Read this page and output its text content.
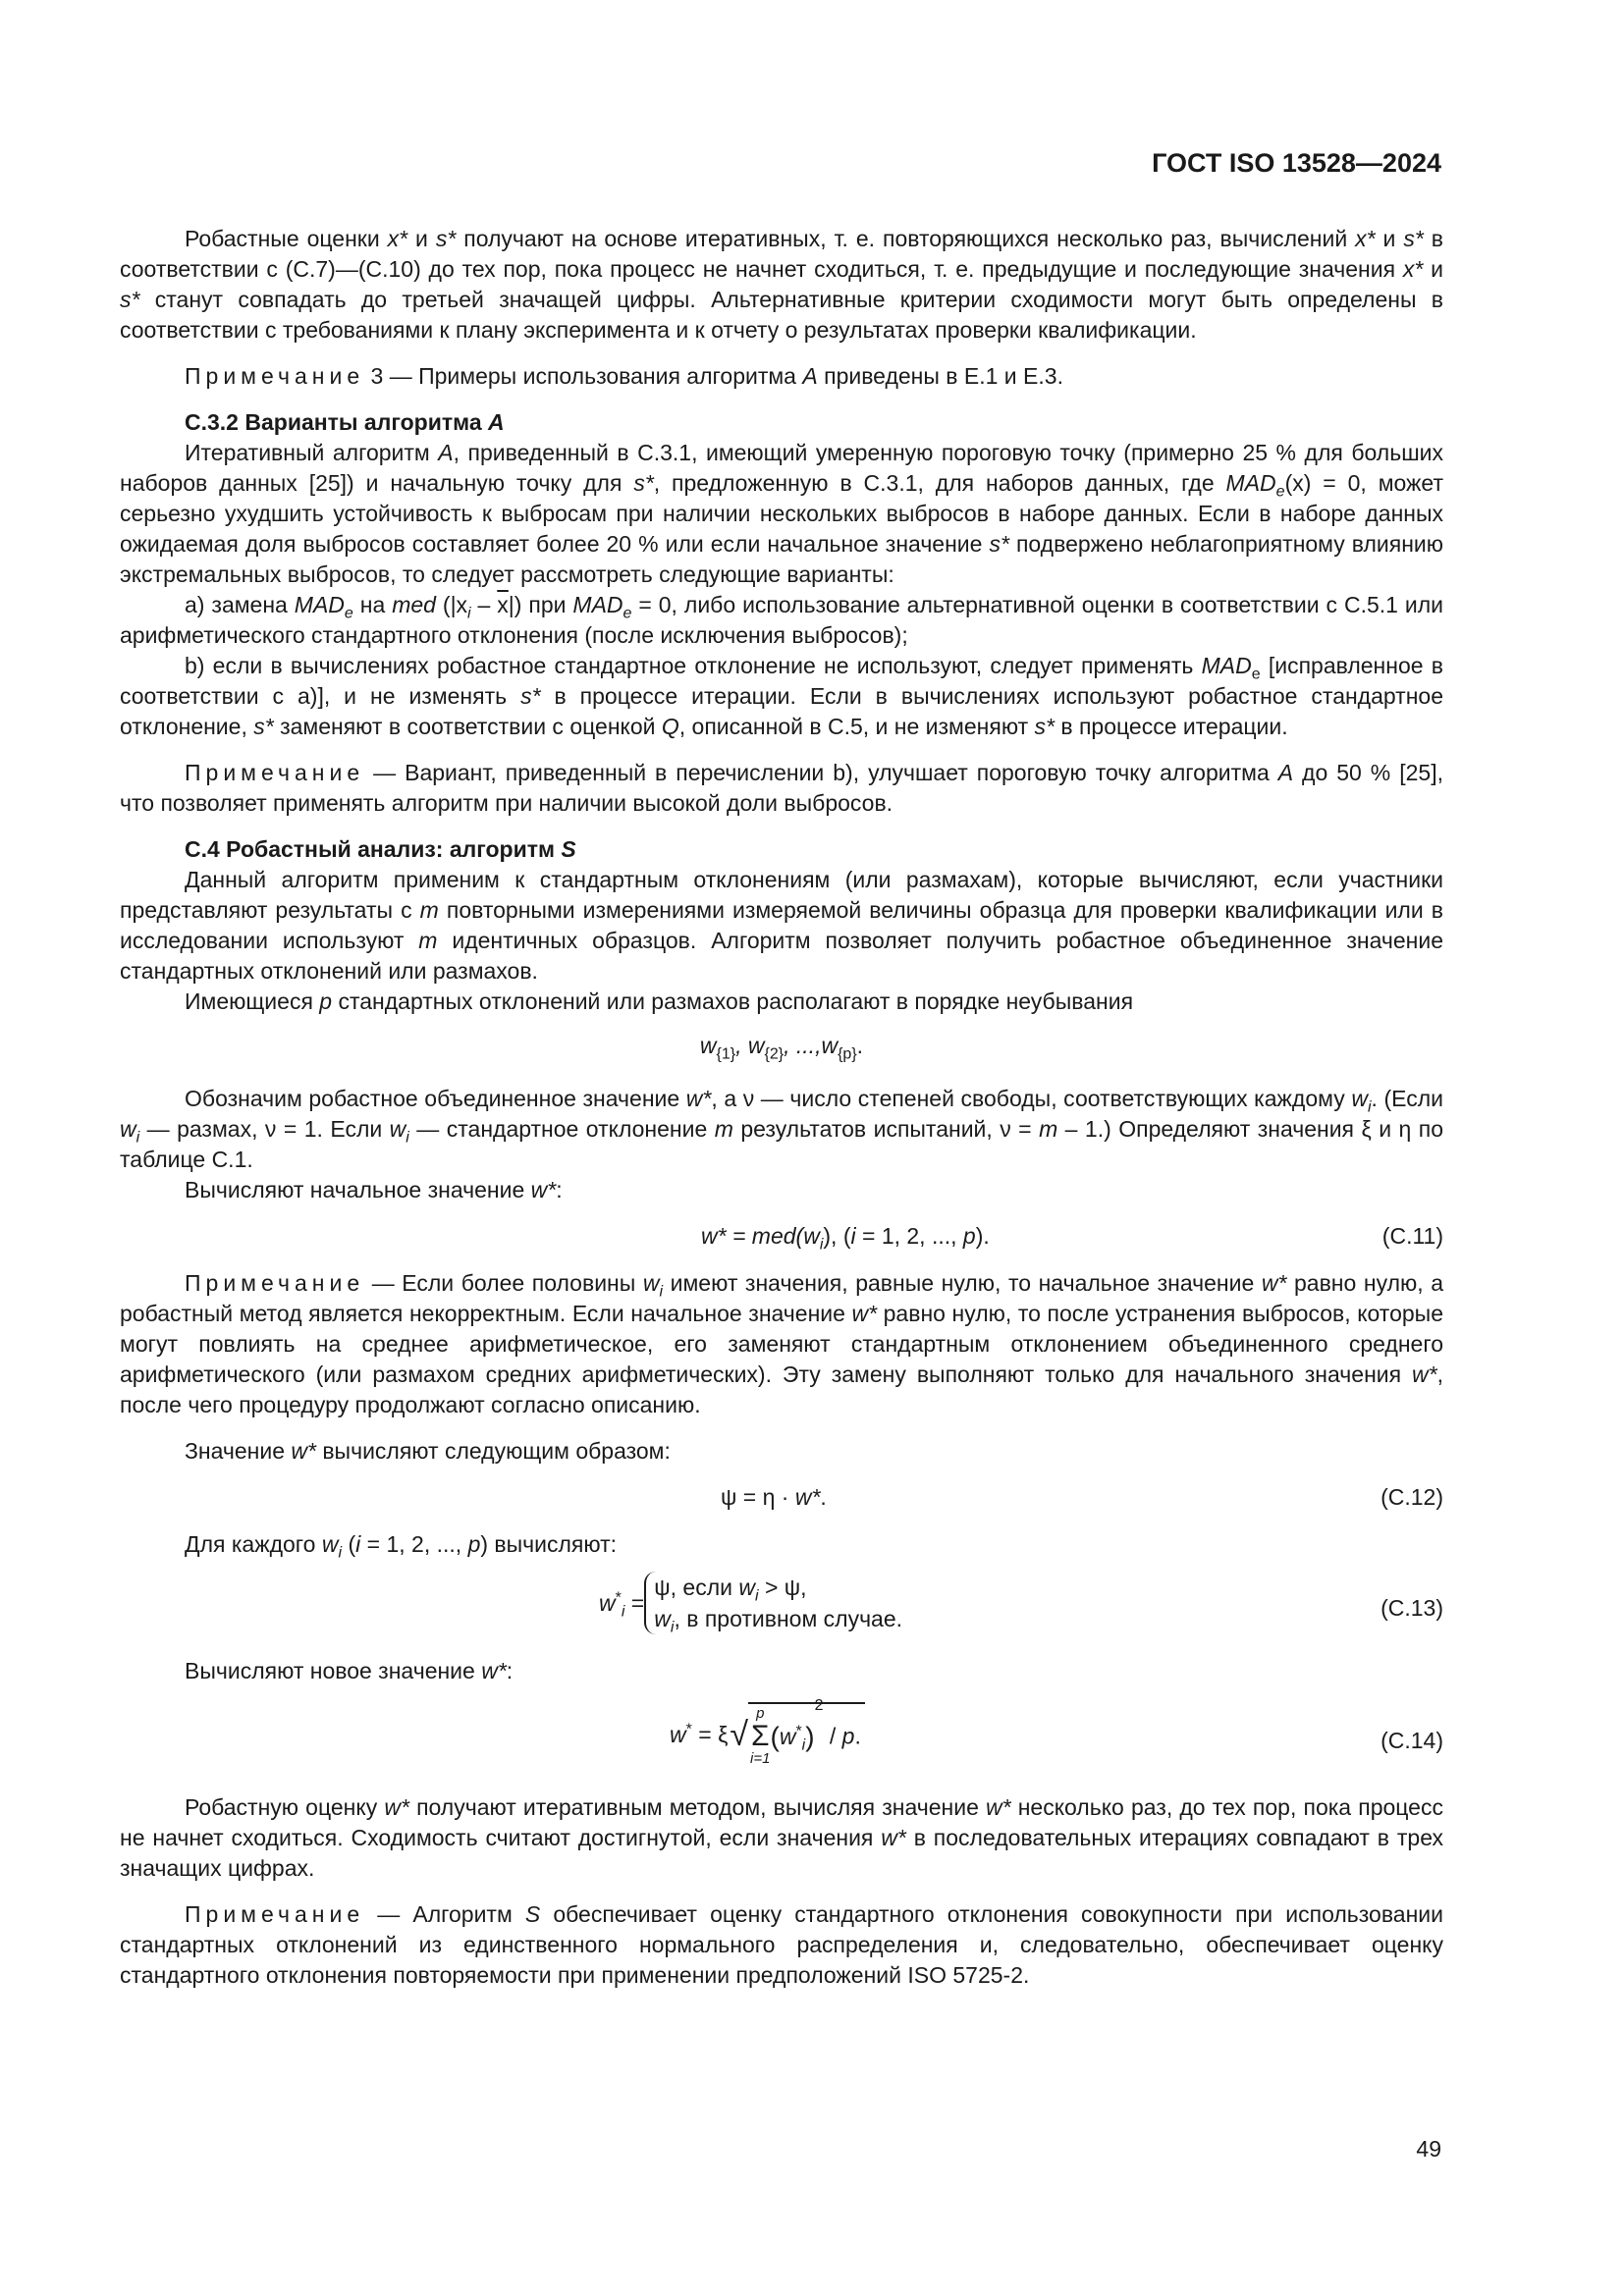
ГОСТ ISO 13528—2024

Робастные оценки x* и s* получают на основе итеративных, т. е. повторяющихся несколько раз, вычислений x* и s* в соответствии с (С.7)—(С.10) до тех пор, пока процесс не начнет сходиться, т. е. предыдущие и последующие значения x* и s* станут совпадать до третьей значащей цифры. Альтернативные критерии сходимости могут быть определены в соответствии с требованиями к плану эксперимента и к отчету о результатах проверки квалификации.

Примечание 3 — Примеры использования алгоритма A приведены в Е.1 и Е.3.

С.3.2 Варианты алгоритма A

Итеративный алгоритм A, приведенный в С.3.1, имеющий умеренную пороговую точку (примерно 25 % для больших наборов данных [25]) и начальную точку для s*, предложенную в С.3.1, для наборов данных, где $MAD_e(x) = 0$, может серьезно ухудшить устойчивость к выбросам при наличии нескольких выбросов в наборе данных. Если в наборе данных ожидаемая доля выбросов составляет более 20 % или если начальное значение s* подвержено неблагоприятному влиянию экстремальных выбросов, то следует рассмотреть следующие варианты:

а) замена $MAD_e$ на med $(|x_i - \overline{x}|)$ при $MAD_e = 0$, либо использование альтернативной оценки в соответствии с С.5.1 или арифметического стандартного отклонения (после исключения выбросов);

b) если в вычислениях робастное стандартное отклонение не используют, следует применять $MAD_e$ [исправленное в соответствии с а)], и не изменять s* в процессе итерации. Если в вычислениях используют робастное стандартное отклонение, s* заменяют в соответствии с оценкой Q, описанной в С.5, и не изменяют s* в процессе итерации.

Примечание — Вариант, приведенный в перечислении b), улучшает пороговую точку алгоритма A до 50 % [25], что позволяет применять алгоритм при наличии высокой доли выбросов.

С.4 Робастный анализ: алгоритм S

Данный алгоритм применим к стандартным отклонениям (или размахам), которые вычисляют, если участники представляют результаты с m повторными измерениями измеряемой величины образца для проверки квалификации или в исследовании используют m идентичных образцов. Алгоритм позволяет получить робастное объединенное значение стандартных отклонений или размахов.

Имеющиеся p стандартных отклонений или размахов располагают в порядке неубывания

$w_{\{1\}}$, $w_{\{2\}}$, $...,w_{\{p\}}$.

Обозначим робастное объединенное значение w*, а ν — число степеней свободы, соответствующих каждому $w_i$. (Если $w_i$ — размах, ν = 1. Если $w_i$ — стандартное отклонение m результатов испытаний, ν = m – 1.) Определяют значения ξ и η по таблице С.1.

Вычисляют начальное значение w*:

$w* = med(w_i)$, (i = 1, 2, ..., p).	(С.11)

Примечание — Если более половины $w_i$ имеют значения, равные нулю, то начальное значение w* равно нулю, а робастный метод является некорректным. Если начальное значение w* равно нулю, то после устранения выбросов, которые могут повлиять на среднее арифметическое, его заменяют стандартным отклонением объединенного среднего арифметического (или размахом средних арифметических). Эту замену выполняют только для начального значения w*, после чего процедуру продолжают согласно описанию.

Значение w* вычисляют следующим образом:

ψ = η · w*.	(С.12)

Для каждого $w_i$ (i = 1, 2, ..., p) вычисляют:

$w^*_i =\psi$, если $w_i > \psi$,
$w_i$, в противном случае.	(С.13)

Вычисляют новое значение w*:

w* = ξ√
p
Σ
i=1
$(w^*_i)^2$ / p.	(С.14)

Робастную оценку w* получают итеративным методом, вычисляя значение w* несколько раз, до тех пор, пока процесс не начнет сходиться. Сходимость считают достигнутой, если значения w* в последовательных итерациях совпадают в трех значащих цифрах.

Примечание — Алгоритм S обеспечивает оценку стандартного отклонения совокупности при использовании стандартных отклонений из единственного нормального распределения и, следовательно, обеспечивает оценку стандартного отклонения повторяемости при применении предположений ISO 5725-2.

49
